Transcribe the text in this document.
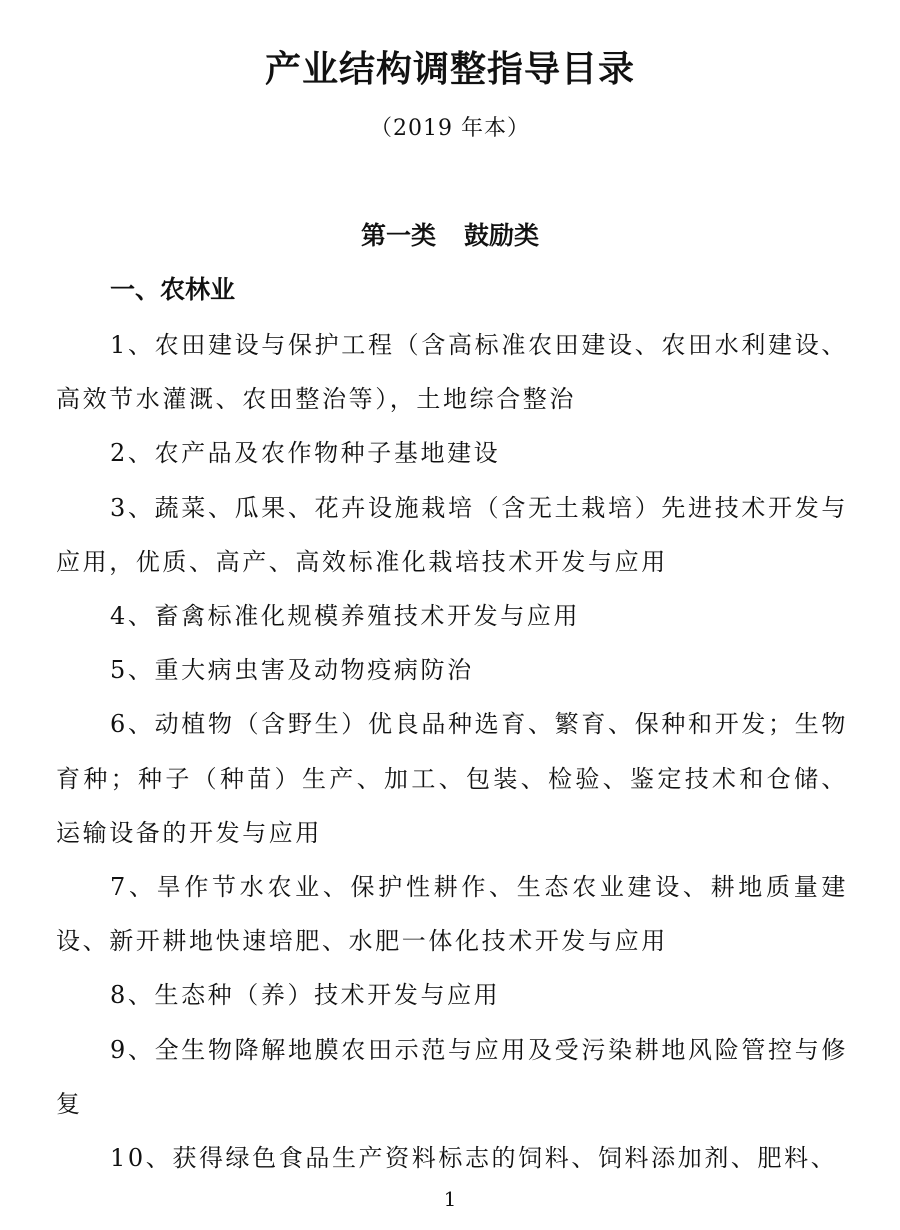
产业结构调整指导目录
（2019 年本）
第一类 鼓励类
一、农林业

1、农田建设与保护工程（含高标准农田建设、农田水利建设、高效节水灌溉、农田整治等），土地综合整治

2、农产品及农作物种子基地建设

3、蔬菜、瓜果、花卉设施栽培（含无土栽培）先进技术开发与应用，优质、高产、高效标准化栽培技术开发与应用

4、畜禽标准化规模养殖技术开发与应用

5、重大病虫害及动物疫病防治

6、动植物（含野生）优良品种选育、繁育、保种和开发；生物育种；种子（种苗）生产、加工、包装、检验、鉴定技术和仓储、运输设备的开发与应用

7、旱作节水农业、保护性耕作、生态农业建设、耕地质量建设、新开耕地快速培肥、水肥一体化技术开发与应用

8、生态种（养）技术开发与应用

9、全生物降解地膜农田示范与应用及受污染耕地风险管控与修复

10、获得绿色食品生产资料标志的饲料、饲料添加剂、肥料、

1
